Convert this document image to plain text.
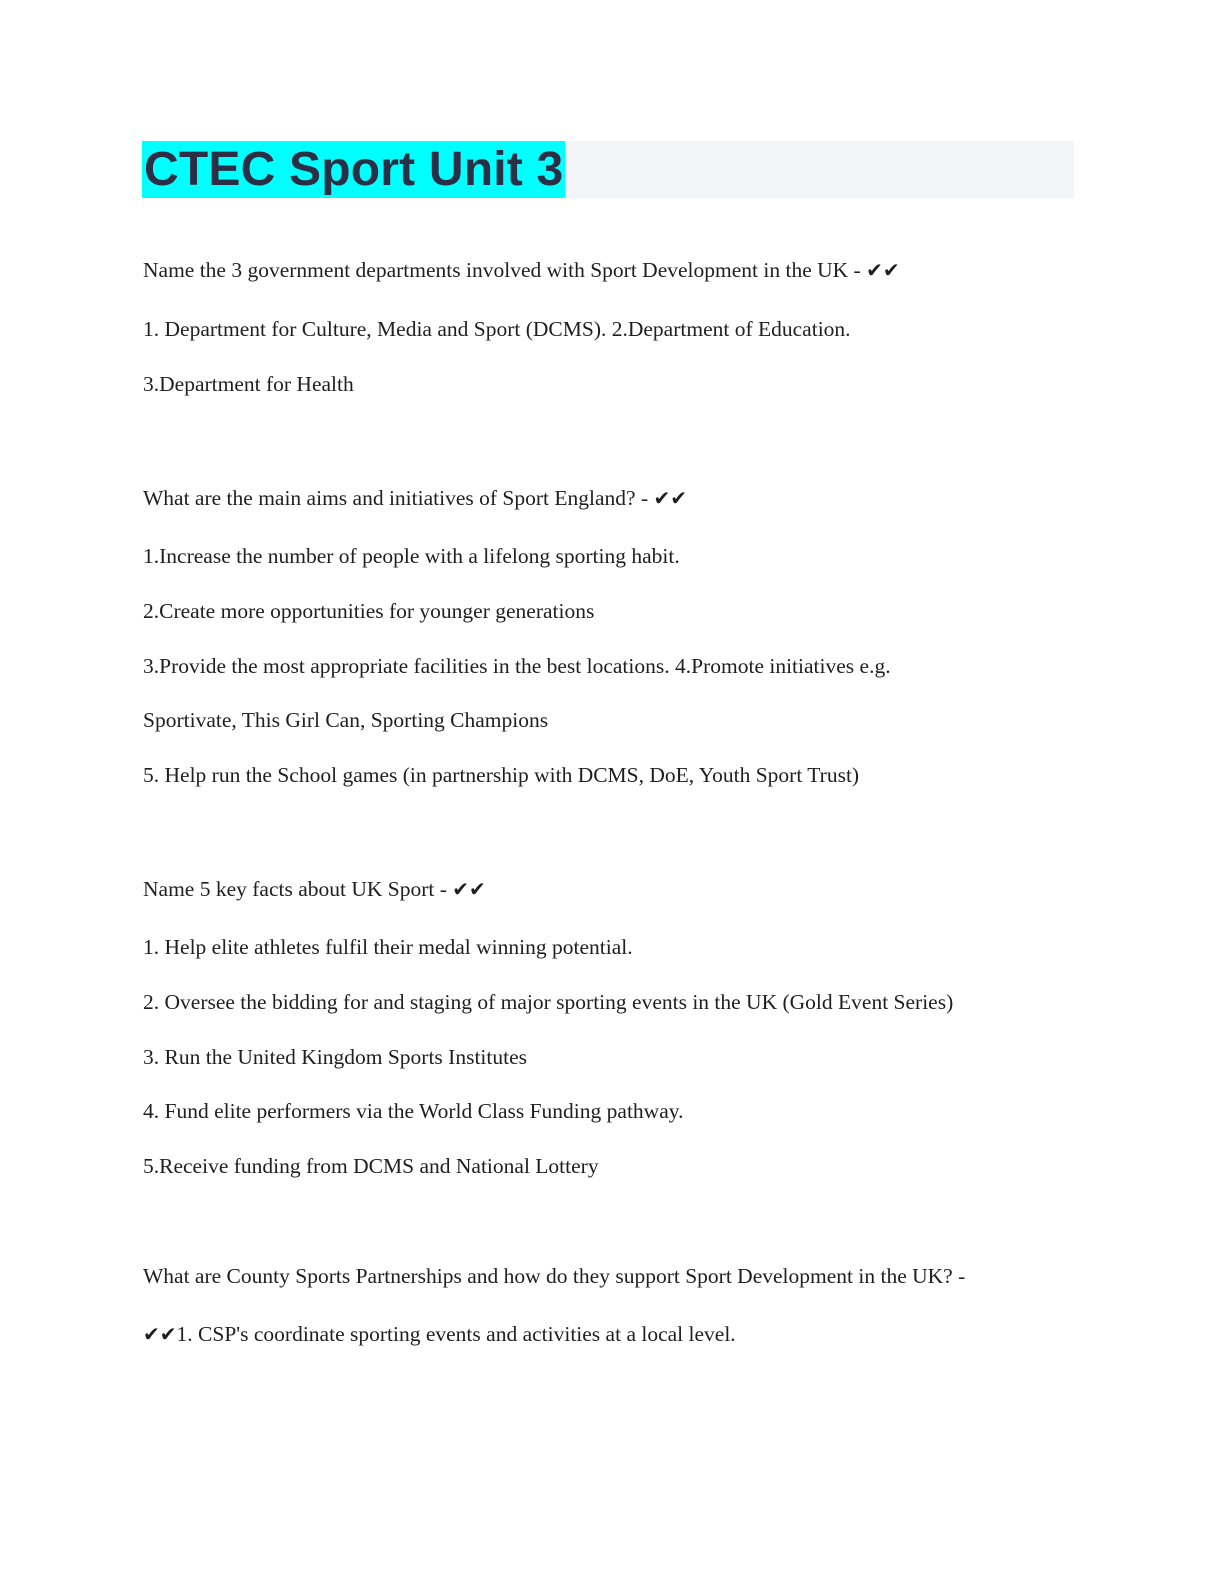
CTEC Sport Unit 3
Name the 3 government departments involved with Sport Development in the UK - ✔✔
1. Department for Culture, Media and Sport (DCMS). 2.Department of Education.
3.Department for Health
What are the main aims and initiatives of Sport England? - ✔✔
1.Increase the number of people with a lifelong sporting habit.
2.Create more opportunities for younger generations
3.Provide the most appropriate facilities in the best locations. 4.Promote initiatives e.g.
Sportivate, This Girl Can, Sporting Champions
5. Help run the School games (in partnership with DCMS, DoE, Youth Sport Trust)
Name 5 key facts about UK Sport - ✔✔
1. Help elite athletes fulfil their medal winning potential.
2. Oversee the bidding for and staging of major sporting events in the UK (Gold Event Series)
3. Run the United Kingdom Sports Institutes
4. Fund elite performers via the World Class Funding pathway.
5.Receive funding from DCMS and National Lottery
What are County Sports Partnerships and how do they support Sport Development in the UK? -
✔✔1. CSP's coordinate sporting events and activities at a local level.
